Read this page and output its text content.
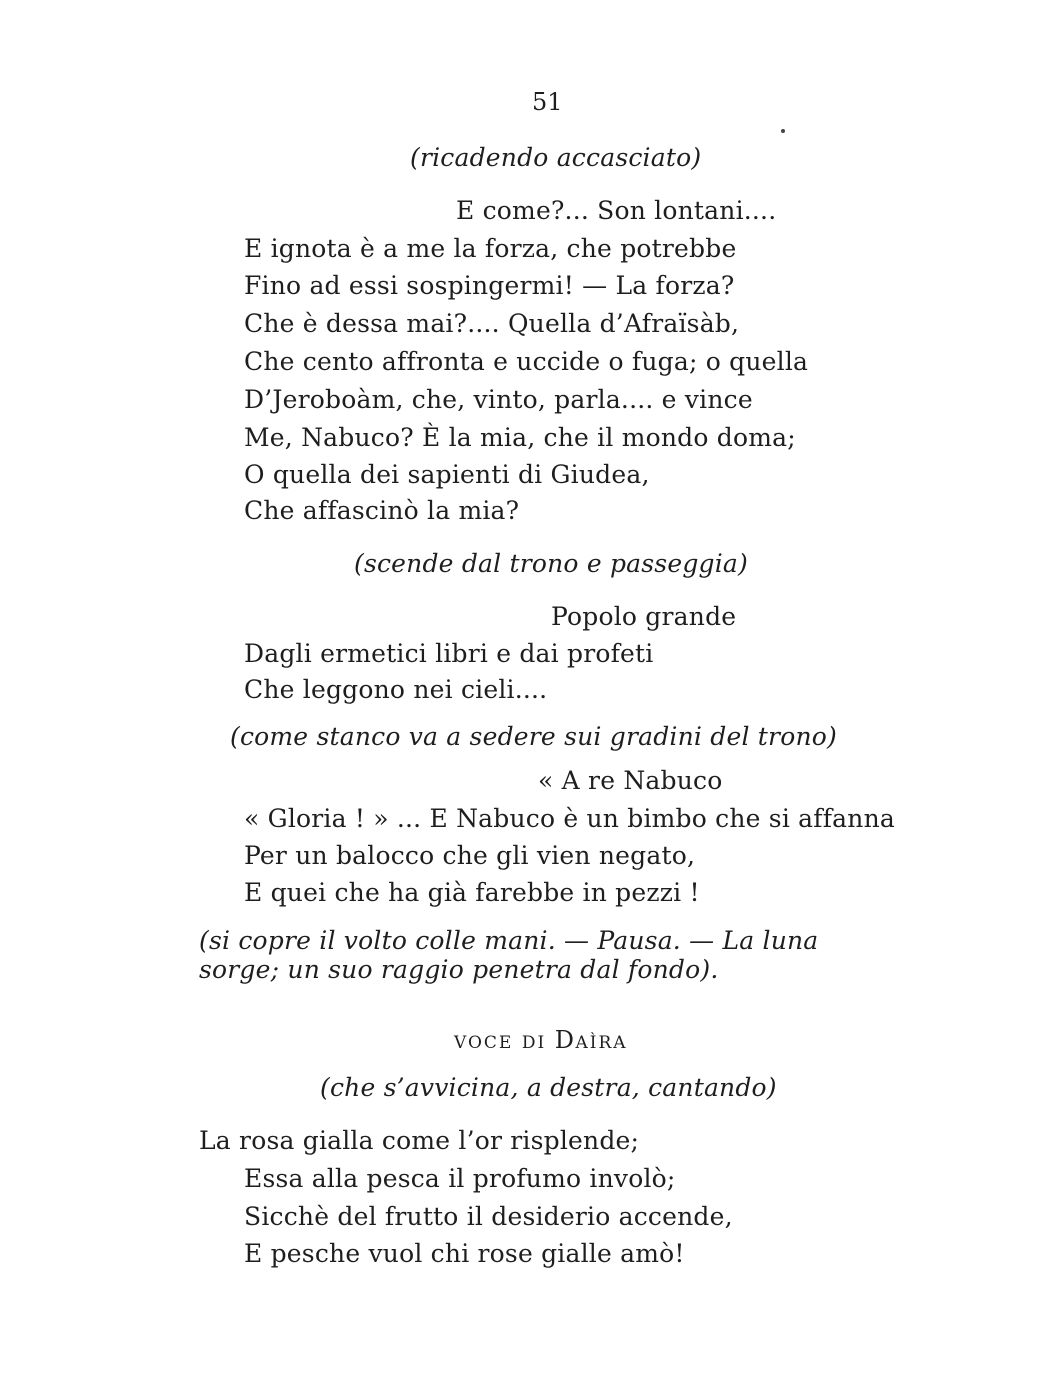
51
(ricadendo accasciato)
E come?... Son lontani....
E ignota è a me la forza, che potrebbe
Fino ad essi sospingermi! — La forza?
Che è dessa mai?.... Quella d’Afraïsàb,
Che cento affronta e uccide o fuga; o quella
D’Jeroboàm, che, vinto, parla.... e vince
Me, Nabuco? È la mia, che il mondo doma;
O quella dei sapienti di Giudea,
Che affascinò la mia?
(scende dal trono e passeggia)
Popolo grande
Dagli ermetici libri e dai profeti
Che leggono nei cieli....
(come stanco va a sedere sui gradini del trono)
« A re Nabuco
« Gloria ! » ... E Nabuco è un bimbo che si affanna
Per un balocco che gli vien negato,
E quei che ha già farebbe in pezzi !
(si copre il volto colle mani. — Pausa. — La luna
sorge; un suo raggio penetra dal fondo).
VOCE DI DAÌRA
(che s’avvicina, a destra, cantando)
La rosa gialla come l’or risplende;
Essa alla pesca il profumo involò;
Sicchè del frutto il desiderio accende,
E pesche vuol chi rose gialle amò!
